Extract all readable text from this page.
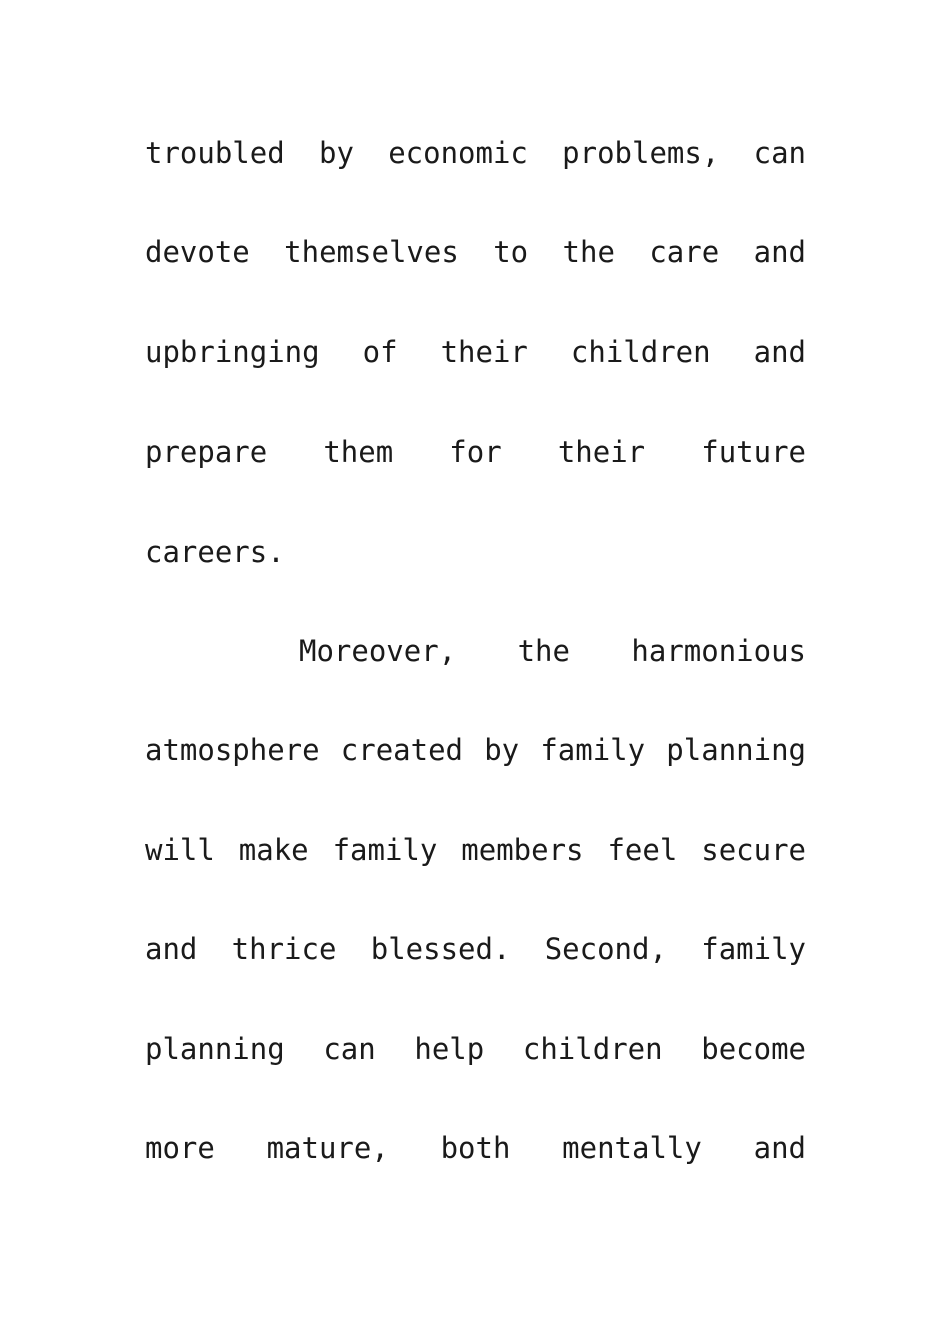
troubled by economic problems, can
devote themselves to the care and
upbringing of their children and
prepare them for their future
careers.
Moreover, the harmonious
atmosphere created by family planning
will make family members feel secure
and thrice blessed. Second, family
planning can help children become
more mature, both mentally and
